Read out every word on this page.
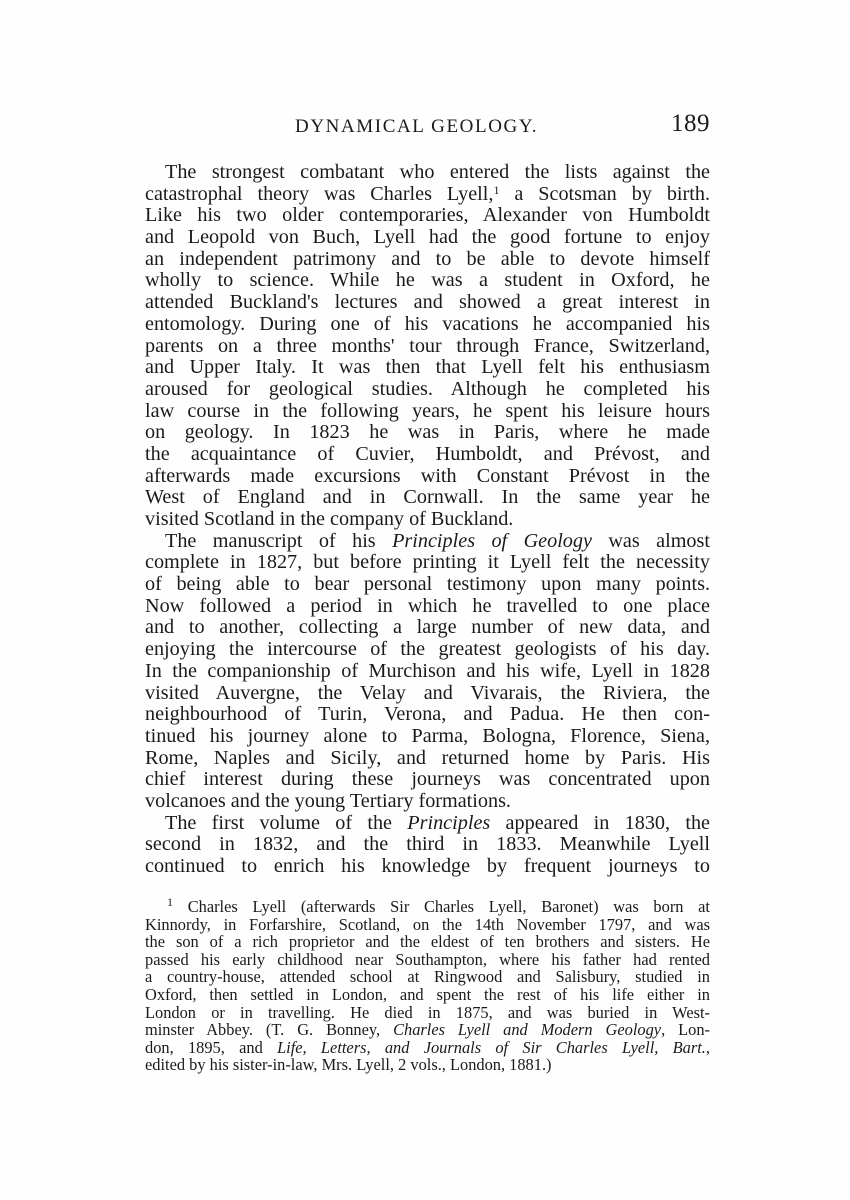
DYNAMICAL GEOLOGY.	189
The strongest combatant who entered the lists against the
catastrophal theory was Charles Lyell,$^1$ a Scotsman by birth.
Like his two older contemporaries, Alexander von Humboldt
and Leopold von Buch, Lyell had the good fortune to enjoy
an independent patrimony and to be able to devote himself
wholly to science. While he was a student in Oxford, he
attended Buckland's lectures and showed a great interest in
entomology. During one of his vacations he accompanied his
parents on a three months' tour through France, Switzerland,
and Upper Italy. It was then that Lyell felt his enthusiasm
aroused for geological studies. Although he completed his
law course in the following years, he spent his leisure hours
on geology. In 1823 he was in Paris, where he made
the acquaintance of Cuvier, Humboldt, and Prévost, and
afterwards made excursions with Constant Prévost in the
West of England and in Cornwall. In the same year he
visited Scotland in the company of Buckland.
The manuscript of his Principles of Geology was almost
complete in 1827, but before printing it Lyell felt the necessity
of being able to bear personal testimony upon many points.
Now followed a period in which he travelled to one place
and to another, collecting a large number of new data, and
enjoying the intercourse of the greatest geologists of his day.
In the companionship of Murchison and his wife, Lyell in 1828
visited Auvergne, the Velay and Vivarais, the Riviera, the
neighbourhood of Turin, Verona, and Padua. He then con-
tinued his journey alone to Parma, Bologna, Florence, Siena,
Rome, Naples and Sicily, and returned home by Paris. His
chief interest during these journeys was concentrated upon
volcanoes and the young Tertiary formations.
The first volume of the Principles appeared in 1830, the
second in 1832, and the third in 1833. Meanwhile Lyell
continued to enrich his knowledge by frequent journeys to
$^1$ Charles Lyell (afterwards Sir Charles Lyell, Baronet) was born at
Kinnordy, in Forfarshire, Scotland, on the 14th November 1797, and was
the son of a rich proprietor and the eldest of ten brothers and sisters. He
passed his early childhood near Southampton, where his father had rented
a country-house, attended school at Ringwood and Salisbury, studied in
Oxford, then settled in London, and spent the rest of his life either in
London or in travelling. He died in 1875, and was buried in West-
minster Abbey. (T. G. Bonney, Charles Lyell and Modern Geology, Lon-
don, 1895, and Life, Letters, and Journals of Sir Charles Lyell, Bart.,
edited by his sister-in-law, Mrs. Lyell, 2 vols., London, 1881.)
